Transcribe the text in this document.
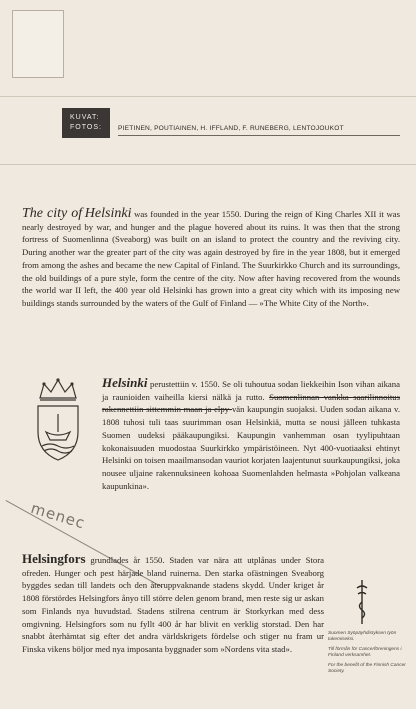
KUVAT:
FOTOS:	PIETINEN, POUTIAINEN, H. IFFLAND, F. RUNEBERG, LENTOJOUKOT
The city of Helsinki was founded in the year 1550. During the reign of King Charles XII it was nearly destroyed by war, and hunger and the plague hovered about its ruins. It was then that the strong fortress of Suomenlinna (Sveaborg) was built on an island to protect the country and the reviving city. During another war the greater part of the city was again destroyed by fire in the year 1808, but it emerged from among the ashes and became the new Capital of Finland. The Suurkirkko Church and its surroundings, the old buildings of a pure style, form the centre of the city. Now after having recovered from the wounds the world war II left, the 400 year old Helsinki has grown into a great city which with its imposing new buildings stands surrounded by the waters of the Gulf of Finland — »The White City of the North».
Helsinki perustettiin v. 1550. Se oli tuhoutua sodan liekkeihin Ison vihan aikana ja raunioiden vaiheilla kiersi nälkä ja rutto. Suomenlinnan vankka saarilinnoitus rakennettiin sittemmin maan ja elpy-vän kaupungin suojaksi. Uuden sodan aikana v. 1808 tuhosi tuli taas suurimman osan Helsinkiä, mutta se nousi jälleen tuhkasta Suomen uudeksi pääkaupungiksi. Kaupungin vanhemman osan tyylipuhtaan kokonaisuuden muodostaa Suurkirkko ympäristöineen. Nyt 400-vuotiaaksi ehtinyt Helsinki on toisen maailmansodan vauriot korjaten laajentunut suurkaupungiksi, joka nousee uljaine rakennuksineen kohoaa Suomenlahden helmasta »Pohjolan valkeana kaupunkina».
menec
Helsingfors grundlades år 1550. Staden var nära att utplånas under Stora ofreden. Hunger och pest härjade bland ruinerna. Den starka ofästningen Sveaborg byggdes sedan till landets och den återuppvaknande stadens skydd. Under kriget år 1808 förstördes Helsingfors ånyo till större delen genom brand, men reste sig ur askan som Finlands nya huvudstad. Stadens stilrena centrum är Storkyrkan med dess omgivning. Helsingfors som nu fyllt 400 år har blivit en verklig storstad. Den har snabbt återhämtat sig efter det andra världskrigets fördelse och stiger nu fram ur Finska vikens böljor med nya imposanta byggnader som »Nordens vita stad».

Suomen Syöpäyhdistyksen työn tukemiseksi.

Till förmån för Cancerföreningens i Finland verksamhet.

For the benefit of the Finnish Cancer Society.
